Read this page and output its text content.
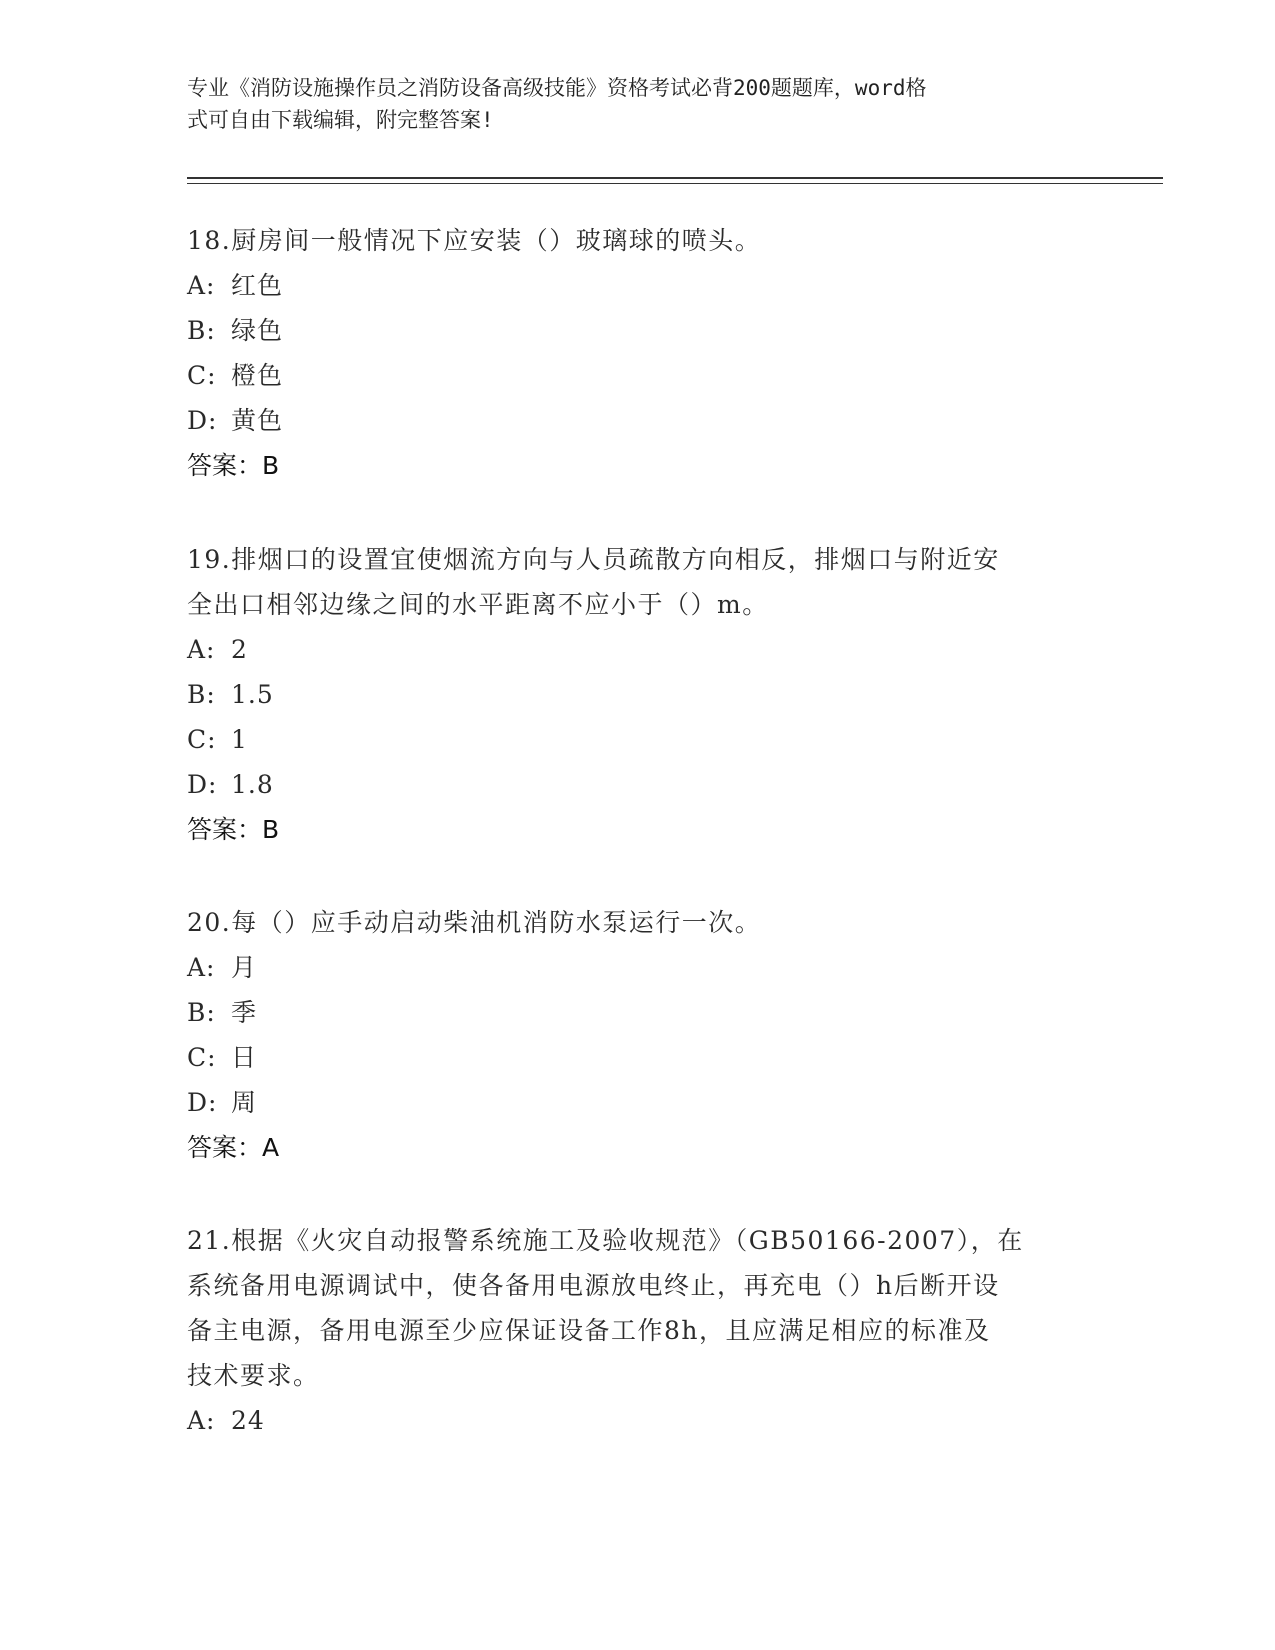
专业《消防设施操作员之消防设备高级技能》资格考试必背200题题库，word格
式可自由下载编辑，附完整答案!
18.厨房间一般情况下应安装（）玻璃球的喷头。
A: 红色
B: 绿色
C: 橙色
D: 黄色
答案：B
19.排烟口的设置宜使烟流方向与人员疏散方向相反，排烟口与附近安
全出口相邻边缘之间的水平距离不应小于（）m。
A: 2
B: 1.5
C: 1
D: 1.8
答案：B
20.每（）应手动启动柴油机消防水泵运行一次。
A: 月
B: 季
C: 日
D: 周
答案：A
21.根据《火灾自动报警系统施工及验收规范》（GB50166-2007），在
系统备用电源调试中，使各备用电源放电终止，再充电（）h后断开设
备主电源，备用电源至少应保证设备工作8h，且应满足相应的标准及
技术要求。
A: 24
